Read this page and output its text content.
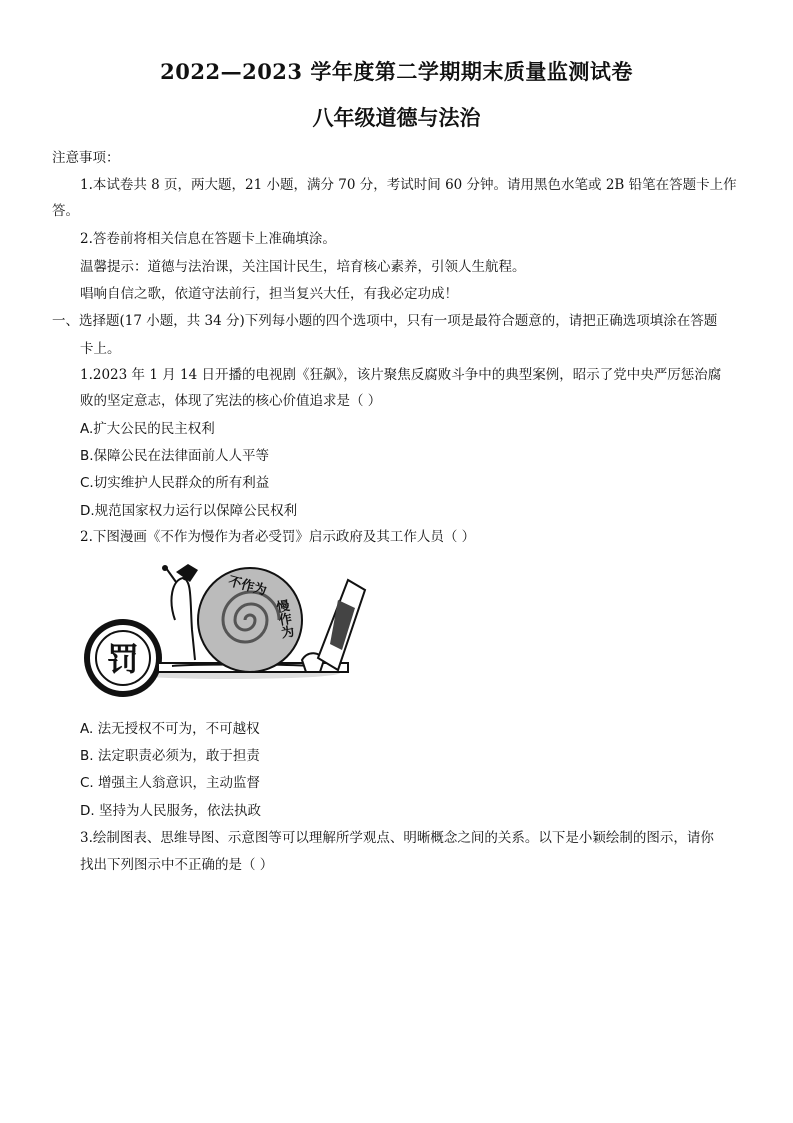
2022—2023 学年度第二学期期末质量监测试卷
八年级道德与法治
注意事项：
1.本试卷共 8 页，两大题，21 小题，满分 70 分，考试时间 60 分钟。请用黑色水笔或 2B 铅笔在答题卡上作
答。
2.答卷前将相关信息在答题卡上准确填涂。
温馨提示：道德与法治课，关注国计民生，培育核心素养，引领人生航程。
唱响自信之歌，依道守法前行，担当复兴大任，有我必定功成！
一、选择题(17 小题，共 34 分)下列每小题的四个选项中，只有一项是最符合题意的，请把正确选项填涂在答题
卡上。
1.2023 年 1 月 14 日开播的电视剧《狂飙》，该片聚焦反腐败斗争中的典型案例，昭示了党中央严厉惩治腐
败的坚定意志，体现了宪法的核心价值追求是（ ）
A.扩大公民的民主权利
B.保障公民在法律面前人人平等
C.切实维护人民群众的所有利益
D.规范国家权力运行以保障公民权利
2.下图漫画《不作为慢作为者必受罚》启示政府及其工作人员（ ）
罚
不作为
慢作为
A. 法无授权不可为，不可越权
B. 法定职责必须为，敢于担责
C. 增强主人翁意识，主动监督
D. 坚持为人民服务，依法执政
3.绘制图表、思维导图、示意图等可以理解所学观点、明晰概念之间的关系。以下是小颖绘制的图示，请你
找出下列图示中不正确的是（ ）
